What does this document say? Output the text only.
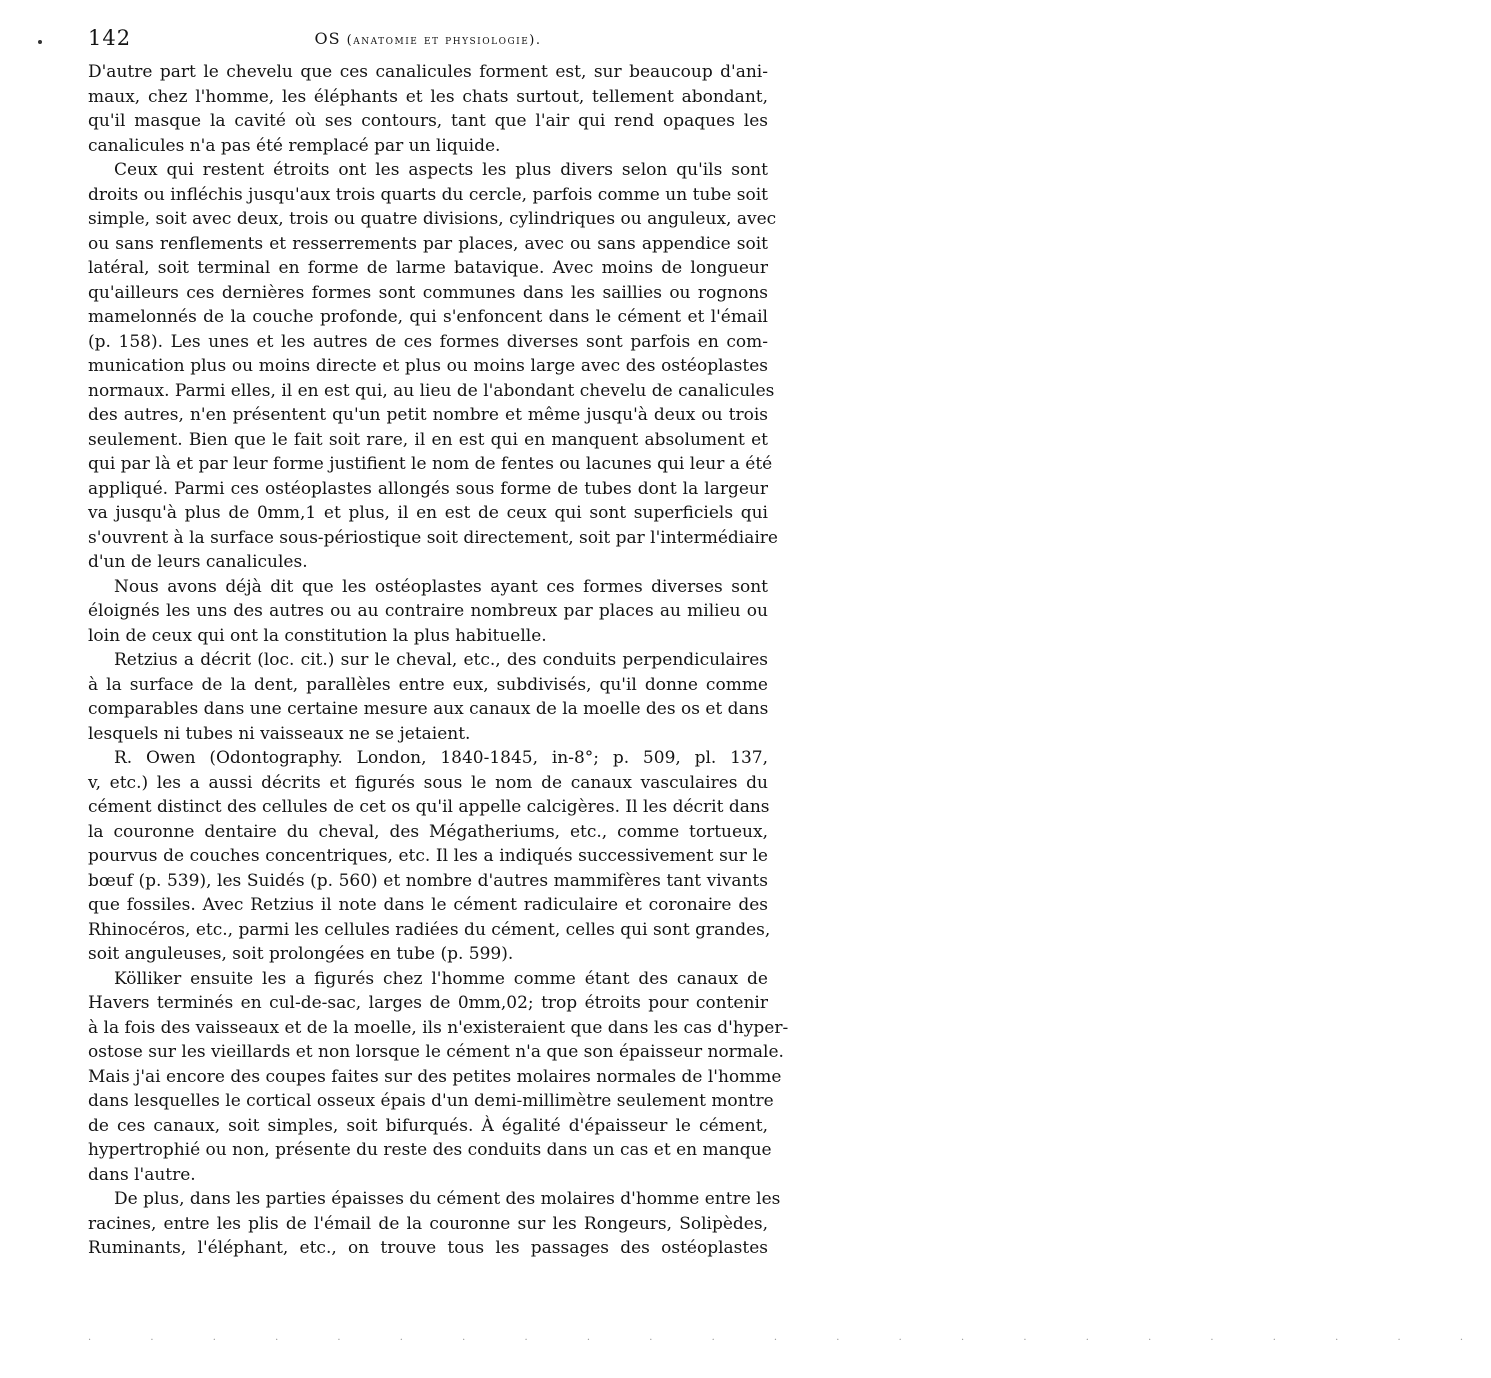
142	OS (anatomie et physiologie).
D'autre part le chevelu que ces canalicules forment est, sur beaucoup d'ani-
maux, chez l'homme, les éléphants et les chats surtout, tellement abondant,
qu'il masque la cavité où ses contours, tant que l'air qui rend opaques les
canalicules n'a pas été remplacé par un liquide.
Ceux qui restent étroits ont les aspects les plus divers selon qu'ils sont
droits ou infléchis jusqu'aux trois quarts du cercle, parfois comme un tube soit
simple, soit avec deux, trois ou quatre divisions, cylindriques ou anguleux, avec
ou sans renflements et resserrements par places, avec ou sans appendice soit
latéral, soit terminal en forme de larme batavique. Avec moins de longueur
qu'ailleurs ces dernières formes sont communes dans les saillies ou rognons
mamelonnés de la couche profonde, qui s'enfoncent dans le cément et l'émail
(p. 158). Les unes et les autres de ces formes diverses sont parfois en com-
munication plus ou moins directe et plus ou moins large avec des ostéoplastes
normaux. Parmi elles, il en est qui, au lieu de l'abondant chevelu de canalicules
des autres, n'en présentent qu'un petit nombre et même jusqu'à deux ou trois
seulement. Bien que le fait soit rare, il en est qui en manquent absolument et
qui par là et par leur forme justifient le nom de fentes ou lacunes qui leur a été
appliqué. Parmi ces ostéoplastes allongés sous forme de tubes dont la largeur
va jusqu'à plus de 0mm,1 et plus, il en est de ceux qui sont superficiels qui
s'ouvrent à la surface sous-périostique soit directement, soit par l'intermédiaire
d'un de leurs canalicules.
Nous avons déjà dit que les ostéoplastes ayant ces formes diverses sont
éloignés les uns des autres ou au contraire nombreux par places au milieu ou
loin de ceux qui ont la constitution la plus habituelle.
Retzius a décrit (loc. cit.) sur le cheval, etc., des conduits perpendiculaires
à la surface de la dent, parallèles entre eux, subdivisés, qu'il donne comme
comparables dans une certaine mesure aux canaux de la moelle des os et dans
lesquels ni tubes ni vaisseaux ne se jetaient.
R. Owen (Odontography. London, 1840-1845, in-8°; p. 509, pl. 137,
v, etc.) les a aussi décrits et figurés sous le nom de canaux vasculaires du
cément distinct des cellules de cet os qu'il appelle calcigères. Il les décrit dans
la couronne dentaire du cheval, des Mégatheriums, etc., comme tortueux,
pourvus de couches concentriques, etc. Il les a indiqués successivement sur le
bœuf (p. 539), les Suidés (p. 560) et nombre d'autres mammifères tant vivants
que fossiles. Avec Retzius il note dans le cément radiculaire et coronaire des
Rhinocéros, etc., parmi les cellules radiées du cément, celles qui sont grandes,
soit anguleuses, soit prolongées en tube (p. 599).
Kölliker ensuite les a figurés chez l'homme comme étant des canaux de
Havers terminés en cul-de-sac, larges de 0mm,02; trop étroits pour contenir
à la fois des vaisseaux et de la moelle, ils n'existeraient que dans les cas d'hyper-
ostose sur les vieillards et non lorsque le cément n'a que son épaisseur normale.
Mais j'ai encore des coupes faites sur des petites molaires normales de l'homme
dans lesquelles le cortical osseux épais d'un demi-millimètre seulement montre
de ces canaux, soit simples, soit bifurqués. À égalité d'épaisseur le cément,
hypertrophié ou non, présente du reste des conduits dans un cas et en manque
dans l'autre.
De plus, dans les parties épaisses du cément des molaires d'homme entre les
racines, entre les plis de l'émail de la couronne sur les Rongeurs, Solipèdes,
Ruminants, l'éléphant, etc., on trouve tous les passages des ostéoplastes
· · · · · · · · · · · · · · · · · · · · · · ·
